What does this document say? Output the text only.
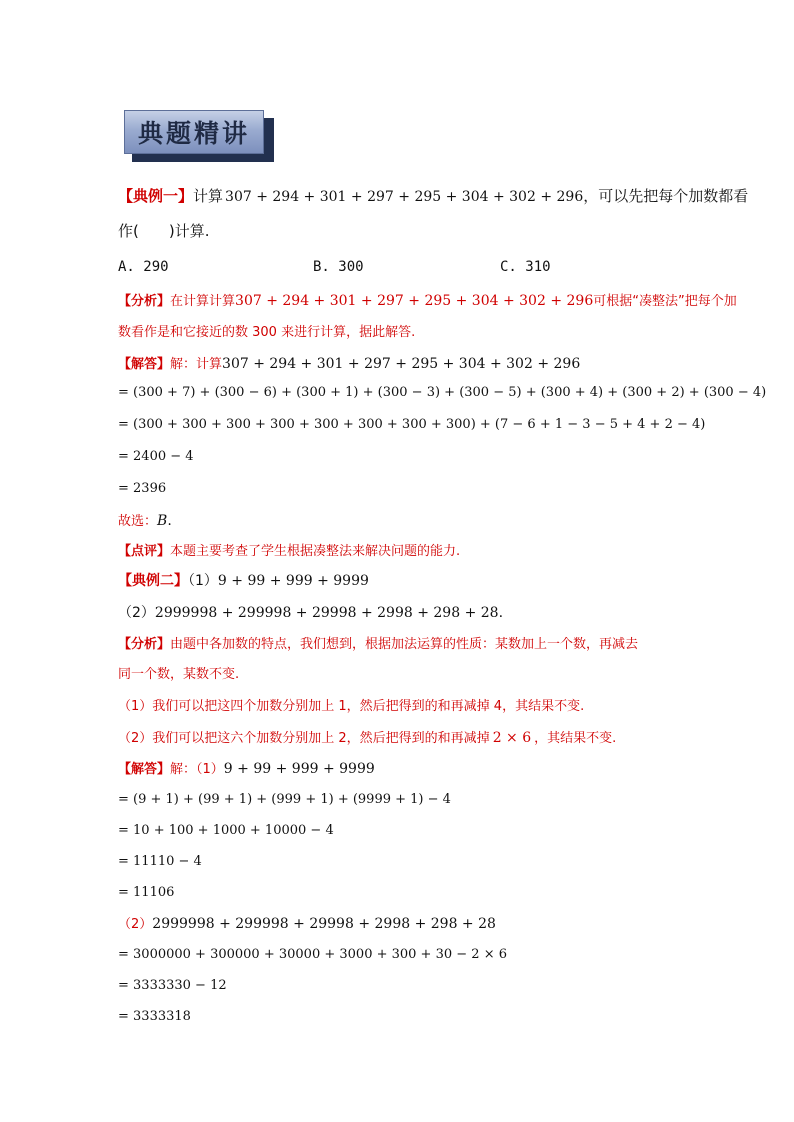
典题精讲
【典例一】计算 307 + 294 + 301 + 297 + 295 + 304 + 302 + 296，可以先把每个加数都看
作( )计算.
A. 290	B. 300	C. 310
【分析】在计算计算307 + 294 + 301 + 297 + 295 + 304 + 302 + 296可根据“凑整法”把每个加
数看作是和它接近的数 300 来进行计算，据此解答.
【解答】解：计算307 + 294 + 301 + 297 + 295 + 304 + 302 + 296
= (300 + 7) + (300 − 6) + (300 + 1) + (300 − 3) + (300 − 5) + (300 + 4) + (300 + 2) + (300 − 4)
= (300 + 300 + 300 + 300 + 300 + 300 + 300 + 300) + (7 − 6 + 1 − 3 − 5 + 4 + 2 − 4)
= 2400 − 4
= 2396
故选：B.
【点评】本题主要考查了学生根据凑整法来解决问题的能力.
【典例二】（1）9 + 99 + 999 + 9999
（2）2999998 + 299998 + 29998 + 2998 + 298 + 28.
【分析】由题中各加数的特点，我们想到，根据加法运算的性质：某数加上一个数，再减去
同一个数，某数不变.
（1）我们可以把这四个加数分别加上 1，然后把得到的和再减掉 4，其结果不变.
（2）我们可以把这六个加数分别加上 2，然后把得到的和再减掉 2 × 6 ，其结果不变.
【解答】解：（1）9 + 99 + 999 + 9999
= (9 + 1) + (99 + 1) + (999 + 1) + (9999 + 1) − 4
= 10 + 100 + 1000 + 10000 − 4
= 11110 − 4
= 11106
（2）2999998 + 299998 + 29998 + 2998 + 298 + 28
= 3000000 + 300000 + 30000 + 3000 + 300 + 30 − 2 × 6
= 3333330 − 12
= 3333318
